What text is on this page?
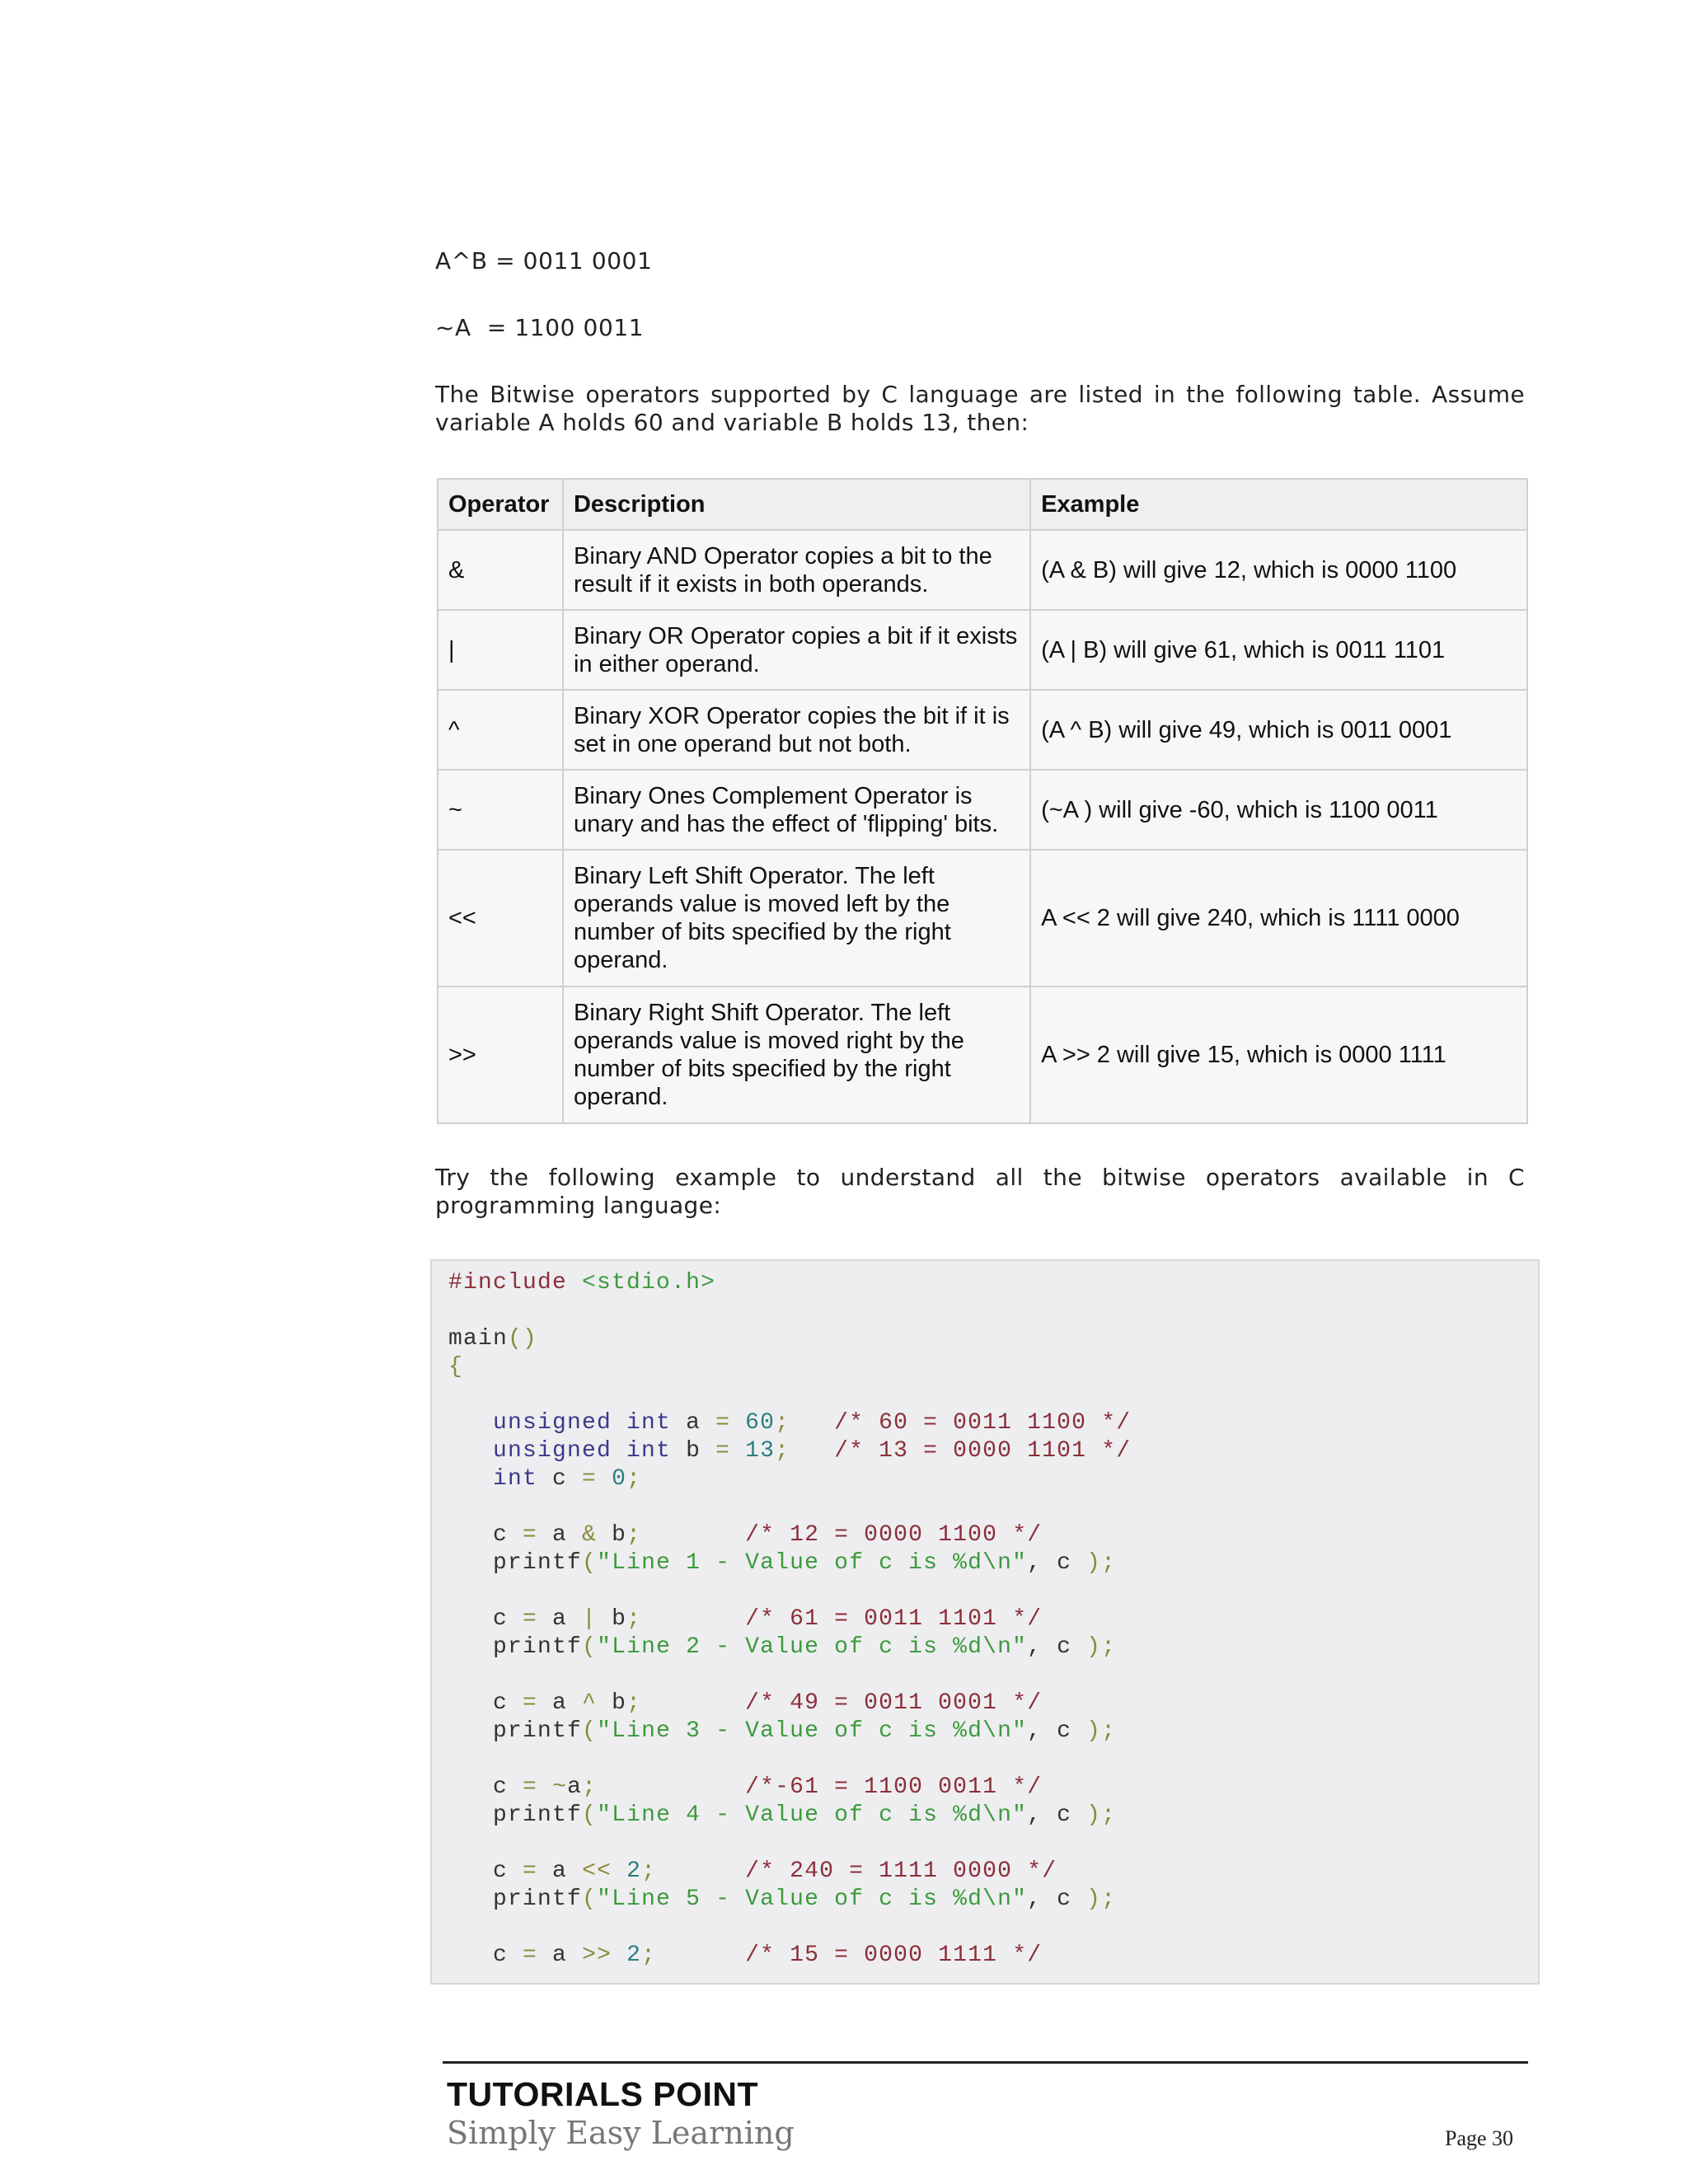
A^B = 0011 0001

~A  = 1100 0011

The Bitwise operators supported by C language are listed in the following table. Assume
variable A holds 60 and variable B holds 13, then:

Operator	Description	Example
&	Binary AND Operator copies a bit to the result if it exists in both operands.	(A & B) will give 12, which is 0000 1100
|	Binary OR Operator copies a bit if it exists in either operand.	(A | B) will give 61, which is 0011 1101
^	Binary XOR Operator copies the bit if it is set in one operand but not both.	(A ^ B) will give 49, which is 0011 0001
~	Binary Ones Complement Operator is unary and has the effect of 'flipping' bits.	(~A ) will give -60, which is 1100 0011
<<	Binary Left Shift Operator. The left operands value is moved left by the number of bits specified by the right operand.	A << 2 will give 240, which is 1111 0000
>>	Binary Right Shift Operator. The left operands value is moved right by the number of bits specified by the right operand.	A >> 2 will give 15, which is 0000 1111

Try the following example to understand all the bitwise operators available in C
programming language:

#include <stdio.h>

main()
{

unsigned int a = 60; /* 60 = 0011 1100 */
unsigned int b = 13; /* 13 = 0000 1101 */
int c = 0;

c = a & b;	/* 12 = 0000 1100 */
printf("Line 1 - Value of c is %d\n", c );

c = a | b;	/* 61 = 0011 1101 */
printf("Line 2 - Value of c is %d\n", c );

c = a ^ b;	/* 49 = 0011 0001 */
printf("Line 3 - Value of c is %d\n", c );

c = ~a;	/*-61 = 1100 0011 */
printf("Line 4 - Value of c is %d\n", c );

c = a << 2;	/* 240 = 1111 0000 */
printf("Line 5 - Value of c is %d\n", c );

c = a >> 2;	/* 15 = 0000 1111 */

TUTORIALS POINT

Simply Easy Learning	Page 30
